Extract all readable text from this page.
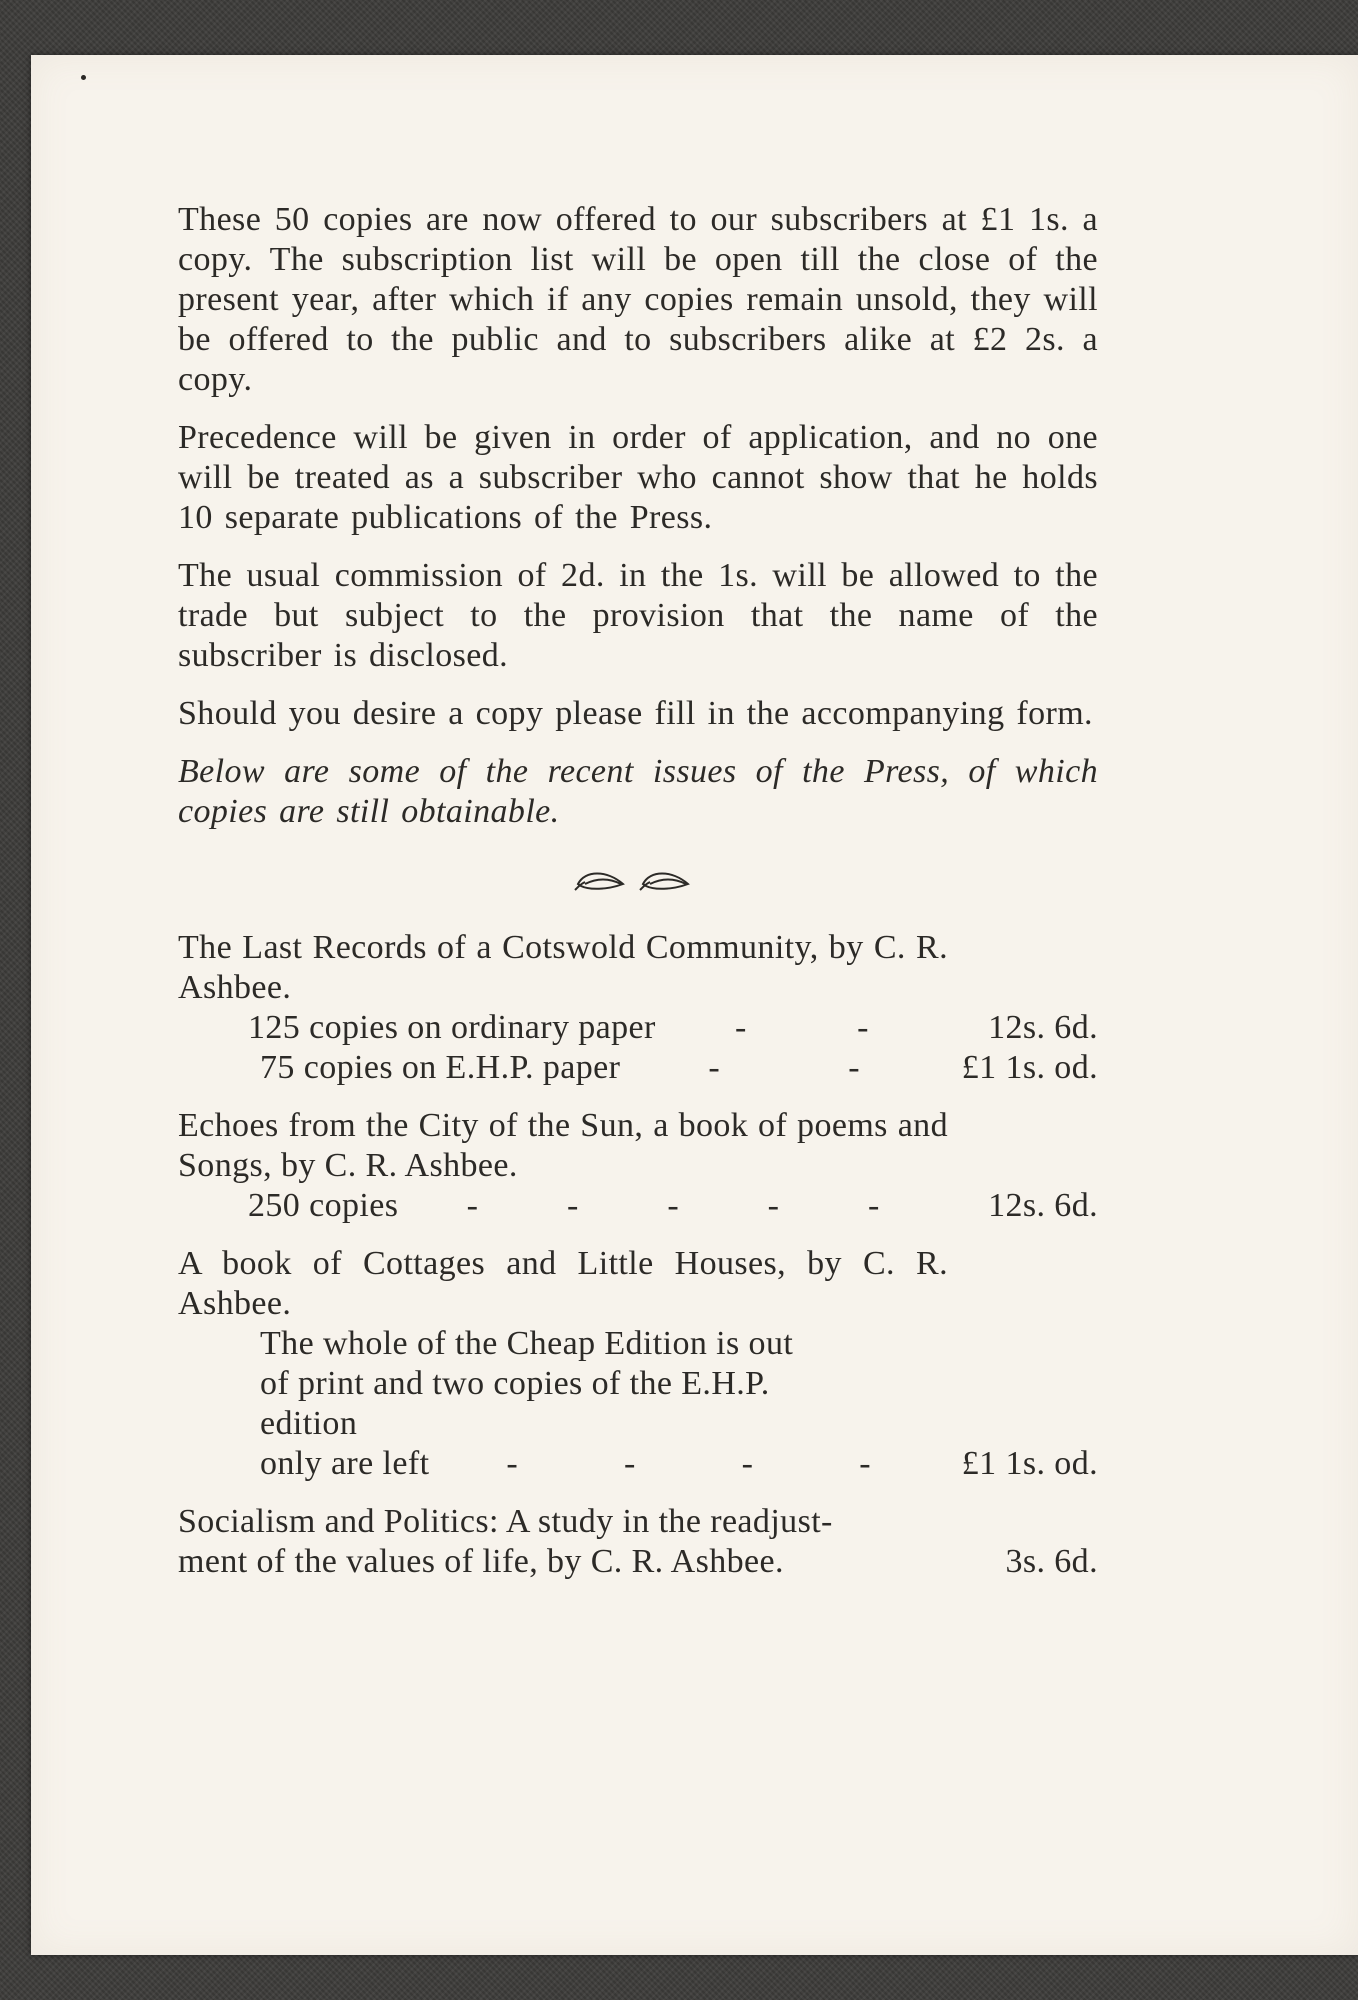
These 50 copies are now offered to our subscribers at £1 1s. a copy. The subscription list will be open till the close of the present year, after which if any copies remain unsold, they will be offered to the public and to subscribers alike at £2 2s. a copy.

Precedence will be given in order of application, and no one will be treated as a subscriber who cannot show that he holds 10 separate publications of the Press.

The usual commission of 2d. in the 1s. will be allowed to the trade but subject to the provision that the name of the subscriber is disclosed.

Should you desire a copy please fill in the accompanying form.

Below are some of the recent issues of the Press, of which copies are still obtainable.

The Last Records of a Cotswold Community, by C. R. Ashbee.

125 copies on ordinary paper -	-	12s. 6d.
75 copies on E.H.P. paper	-	-	£1 1s. od.

Echoes from the City of the Sun, a book of poems and Songs, by C. R. Ashbee.

250 copies -	-	-	-	-	12s. 6d.

A book of Cottages and Little Houses, by C. R. Ashbee.

The whole of the Cheap Edition is out of print and two copies of the E.H.P. edition

only are left -	-	-	-	£1 1s. od.

Socialism and Politics: A study in the readjust-

ment of the values of life, by C. R. Ashbee.	3s. 6d.
